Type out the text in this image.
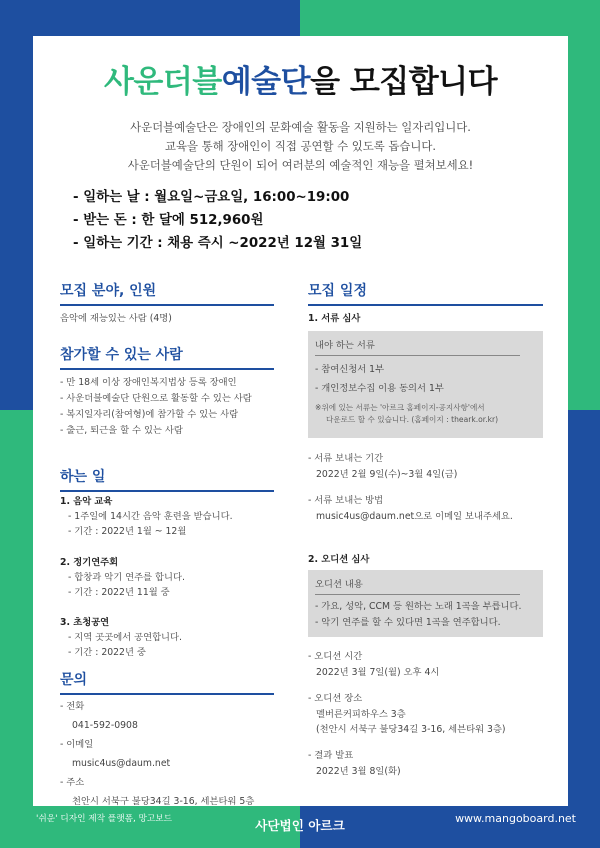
사운더블예술단을 모집합니다
사운더블예술단은 장애인의 문화예술 활동을 지원하는 일자리입니다.
교육을 통해 장애인이 직접 공연할 수 있도록 돕습니다.
사운더블예술단의 단원이 되어 여러분의 예술적인 재능을 펼쳐보세요!
- 일하는 날 : 월요일~금요일, 16:00~19:00
- 받는 돈 : 한 달에 512,960원
- 일하는 기간 : 채용 즉시 ~2022년 12월 31일
모집 분야, 인원
음악에 재능있는 사람 (4명)
참가할 수 있는 사람
- 만 18세 이상 장애인복지법상 등록 장애인
- 사운더블예술단 단원으로 활동할 수 있는 사람
- 복지일자리(참여형)에 참가할 수 있는 사람
- 출근, 퇴근을 할 수 있는 사람
하는 일
1. 음악 교육
- 1주일에 14시간 음악 훈련을 받습니다.
- 기간 : 2022년 1월 ~ 12월
2. 정기연주회
- 합창과 악기 연주를 합니다.
- 기간 : 2022년 11월 중
3. 초청공연
- 지역 곳곳에서 공연합니다.
- 기간 : 2022년 중
문의
- 전화
041-592-0908
- 이메일
music4us@daum.net
- 주소
천안시 서북구 불당34길 3-16, 세븐타워 5층
모집 일정
1. 서류 심사
내야 하는 서류
- 참여신청서 1부
- 개인정보수집 이용 동의서 1부
※위에 있는 서류는 '아르크 홈페이지-공지사항'에서
다운로드 할 수 있습니다. (홈페이지 : theark.or.kr)
- 서류 보내는 기간
2022년 2월 9일(수)~3월 4일(금)
- 서류 보내는 방법
music4us@daum.net으로 이메일 보내주세요.
2. 오디션 심사
오디션 내용
- 가요, 성악, CCM 등 원하는 노래 1곡을 부릅니다.
- 악기 연주를 할 수 있다면 1곡을 연주합니다.
- 오디션 시간
2022년 3월 7일(월) 오후 4시
- 오디션 장소
멜버른커피하우스 3층
(천안시 서북구 불당34길 3-16, 세븐타워 3층)
- 결과 발표
2022년 3월 8일(화)
'쉬운' 디자인 제작 플랫폼, 망고보드	사단법인 아르크	www.mangoboard.net
